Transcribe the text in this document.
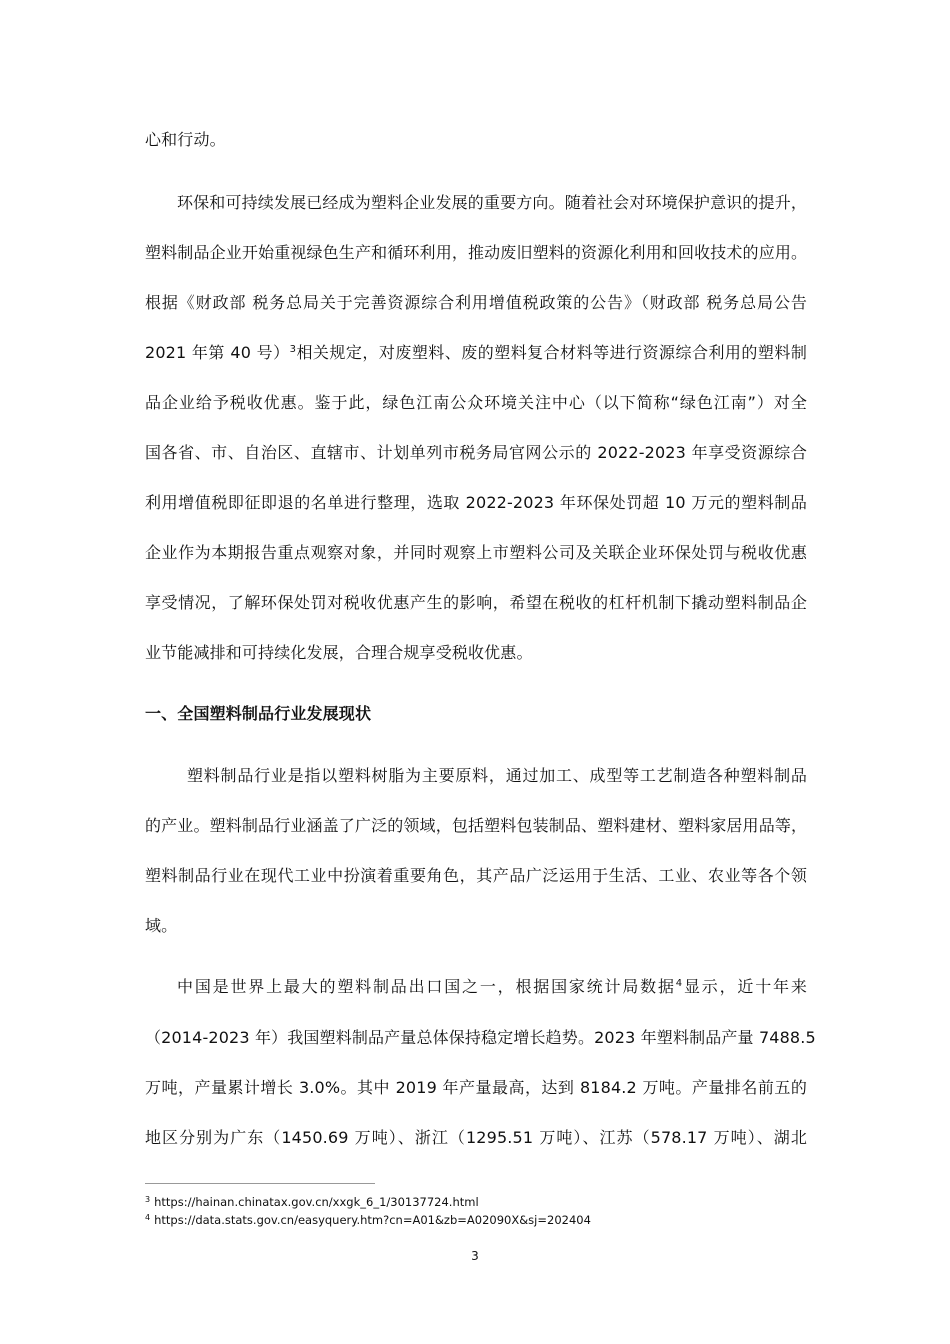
心和行动。
环保和可持续发展已经成为塑料企业发展的重要方向。随着社会对环境保护意识的提升，
塑料制品企业开始重视绿色生产和循环利用，推动废旧塑料的资源化利用和回收技术的应用。
根据《财政部 税务总局关于完善资源综合利用增值税政策的公告》（财政部 税务总局公告
2021 年第 40 号）$^3$相关规定，对废塑料、废的塑料复合材料等进行资源综合利用的塑料制
品企业给予税收优惠。鉴于此，绿色江南公众环境关注中心（以下简称“绿色江南”）对全
国各省、市、自治区、直辖市、计划单列市税务局官网公示的 2022-2023 年享受资源综合
利用增值税即征即退的名单进行整理，选取 2022-2023 年环保处罚超 10 万元的塑料制品
企业作为本期报告重点观察对象，并同时观察上市塑料公司及关联企业环保处罚与税收优惠
享受情况，了解环保处罚对税收优惠产生的影响，希望在税收的杠杆机制下撬动塑料制品企
业节能减排和可持续化发展，合理合规享受税收优惠。
一、全国塑料制品行业发展现状
塑料制品行业是指以塑料树脂为主要原料，通过加工、成型等工艺制造各种塑料制品
的产业。塑料制品行业涵盖了广泛的领域，包括塑料包装制品、塑料建材、塑料家居用品等，
塑料制品行业在现代工业中扮演着重要角色，其产品广泛运用于生活、工业、农业等各个领
域。
中国是世界上最大的塑料制品出口国之一，根据国家统计局数据$^4$显示，近十年来
（2014-2023 年）我国塑料制品产量总体保持稳定增长趋势。2023 年塑料制品产量 7488.5
万吨，产量累计增长 3.0%。其中 2019 年产量最高，达到 8184.2 万吨。产量排名前五的
地区分别为广东（1450.69 万吨）、浙江（1295.51 万吨）、江苏（578.17 万吨）、湖北
$^3$ https://hainan.chinatax.gov.cn/xxgk_6_1/30137724.html
$^4$ https://data.stats.gov.cn/easyquery.htm?cn=A01&zb=A02090X&sj=202404
3
